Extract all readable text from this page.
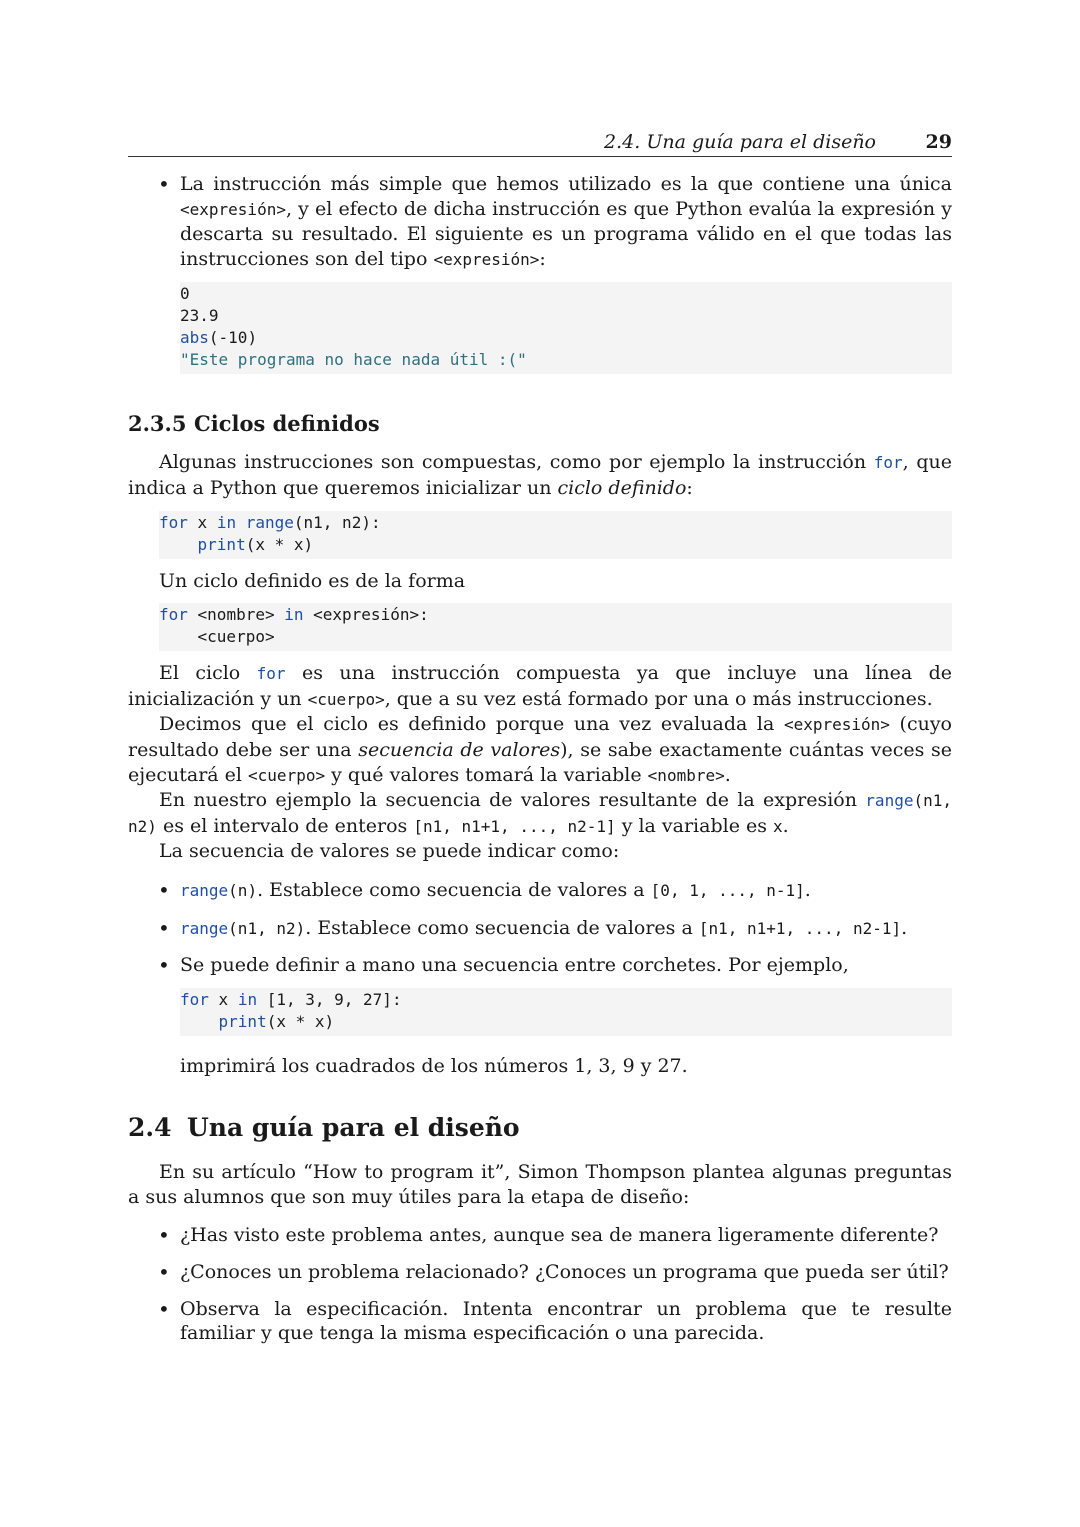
2.4. Una guía para el diseño	29

• La instrucción más simple que hemos utilizado es la que contiene una única <expresión>, y el efecto de dicha instrucción es que Python evalúa la expresión y descarta su resultado. El siguiente es un programa válido en el que todas las instrucciones son del tipo <expresión>:

0
23.9
abs(-10)
"Este programa no hace nada útil :("
2.3.5 Ciclos definidos

Algunas instrucciones son compuestas, como por ejemplo la instrucción for, que indica a Python que queremos inicializar un ciclo definido:

for x in range(n1, n2):
print(x * x)

Un ciclo definido es de la forma

for <nombre> in <expresión>:
<cuerpo>

El ciclo for es una instrucción compuesta ya que incluye una línea de inicialización y un <cuerpo>, que a su vez está formado por una o más instrucciones.

Decimos que el ciclo es definido porque una vez evaluada la <expresión> (cuyo resultado debe ser una secuencia de valores), se sabe exactamente cuántas veces se ejecutará el <cuerpo> y qué valores tomará la variable <nombre>.

En nuestro ejemplo la secuencia de valores resultante de la expresión range(n1, n2) es el intervalo de enteros [n1, n1+1, ..., n2-1] y la variable es x.

La secuencia de valores se puede indicar como:

• range(n). Establece como secuencia de valores a [0, 1, ..., n-1].

• range(n1, n2). Establece como secuencia de valores a [n1, n1+1, ..., n2-1].

• Se puede definir a mano una secuencia entre corchetes. Por ejemplo,

for x in [1, 3, 9, 27]:
print(x * x)

imprimirá los cuadrados de los números 1, 3, 9 y 27.

2.4 Una guía para el diseño

En su artículo “How to program it”, Simon Thompson plantea algunas preguntas a sus alumnos que son muy útiles para la etapa de diseño:

• ¿Has visto este problema antes, aunque sea de manera ligeramente diferente?

• ¿Conoces un problema relacionado? ¿Conoces un programa que pueda ser útil?

• Observa la especificación. Intenta encontrar un problema que te resulte familiar y que tenga la misma especificación o una parecida.
